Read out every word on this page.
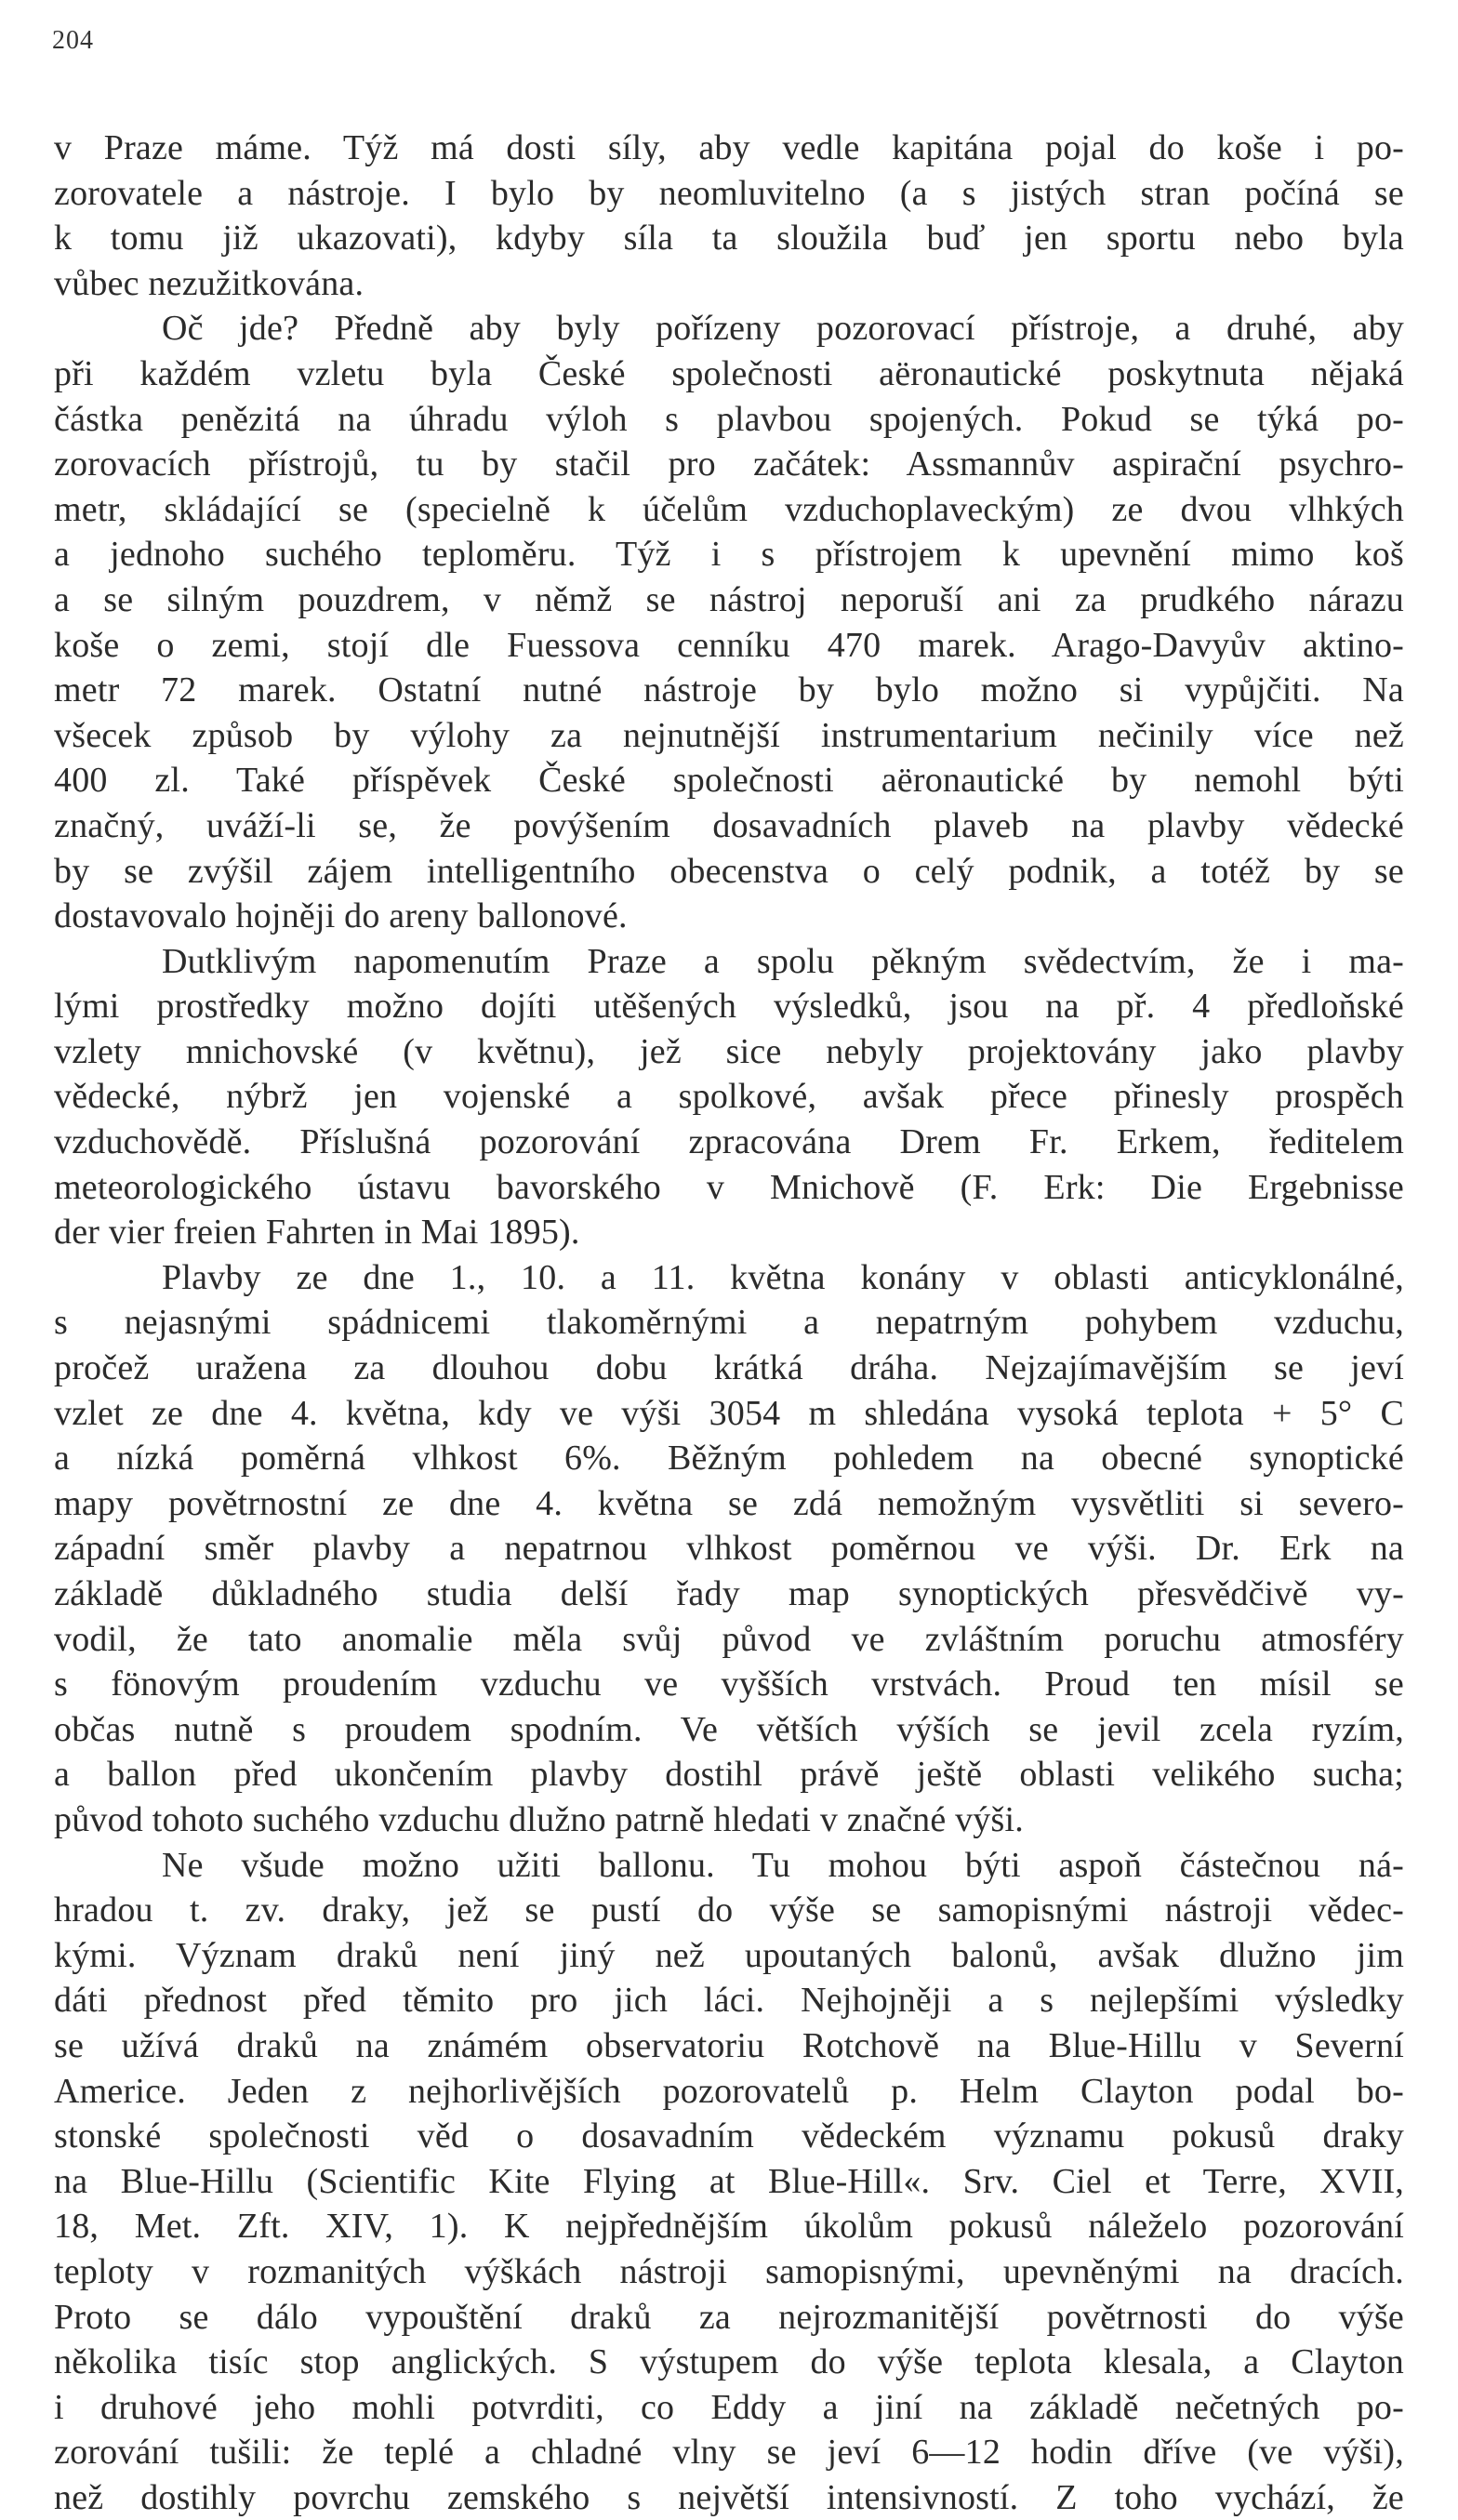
204
v Praze máme. Týž má dosti síly, aby vedle kapitána pojal do koše i po-
zorovatele a nástroje. I bylo by neomluvitelno (a s jistých stran počíná se
k tomu již ukazovati), kdyby síla ta sloužila buď jen sportu nebo byla
vůbec nezužitkována.
Oč jde? Předně aby byly pořízeny pozorovací přístroje, a druhé, aby
při každém vzletu byla České společnosti aëronautické poskytnuta nějaká
částka penězitá na úhradu výloh s plavbou spojených. Pokud se týká po-
zorovacích přístrojů, tu by stačil pro začátek: Assmannův aspirační psychro-
metr, skládající se (specielně k účelům vzduchoplaveckým) ze dvou vlhkých
a jednoho suchého teploměru. Týž i s přístrojem k upevnění mimo koš
a se silným pouzdrem, v němž se nástroj neporuší ani za prudkého nárazu
koše o zemi, stojí dle Fuessova cenníku 470 marek. Arago-Davyův aktino-
metr 72 marek. Ostatní nutné nástroje by bylo možno si vypůjčiti. Na
všecek způsob by výlohy za nejnutnější instrumentarium nečinily více než
400 zl. Také příspěvek České společnosti aëronautické by nemohl býti
značný, uváží-li se, že povýšením dosavadních plaveb na plavby vědecké
by se zvýšil zájem intelligentního obecenstva o celý podnik, a totéž by se
dostavovalo hojněji do areny ballonové.
Dutklivým napomenutím Praze a spolu pěkným svědectvím, že i ma-
lými prostředky možno dojíti utěšených výsledků, jsou na př. 4 předloňské
vzlety mnichovské (v květnu), jež sice nebyly projektovány jako plavby
vědecké, nýbrž jen vojenské a spolkové, avšak přece přinesly prospěch
vzduchovědě. Příslušná pozorování zpracována Drem Fr. Erkem, ředitelem
meteorologického ústavu bavorského v Mnichově (F. Erk: Die Ergebnisse
der vier freien Fahrten in Mai 1895).
Plavby ze dne 1., 10. a 11. května konány v oblasti anticyklonálné,
s nejasnými spádnicemi tlakoměrnými a nepatrným pohybem vzduchu,
pročež uražena za dlouhou dobu krátká dráha. Nejzajímavějším se jeví
vzlet ze dne 4. května, kdy ve výši 3054 m shledána vysoká teplota + 5° C
a nízká poměrná vlhkost 6%. Běžným pohledem na obecné synoptické
mapy povětrnostní ze dne 4. května se zdá nemožným vysvětliti si severo-
západní směr plavby a nepatrnou vlhkost poměrnou ve výši. Dr. Erk na
základě důkladného studia delší řady map synoptických přesvědčivě vy-
vodil, že tato anomalie měla svůj původ ve zvláštním poruchu atmosféry
s fönovým proudením vzduchu ve vyšších vrstvách. Proud ten mísil se
občas nutně s proudem spodním. Ve větších výších se jevil zcela ryzím,
a ballon před ukončením plavby dostihl právě ještě oblasti velikého sucha;
původ tohoto suchého vzduchu dlužno patrně hledati v značné výši.
Ne všude možno užiti ballonu. Tu mohou býti aspoň částečnou ná-
hradou t. zv. draky, jež se pustí do výše se samopisnými nástroji vědec-
kými. Význam draků není jiný než upoutaných balonů, avšak dlužno jim
dáti přednost před těmito pro jich láci. Nejhojněji a s nejlepšími výsledky
se užívá draků na známém observatoriu Rotchově na Blue-Hillu v Severní
Americe. Jeden z nejhorlivějších pozorovatelů p. Helm Clayton podal bo-
stonské společnosti věd o dosavadním vědeckém významu pokusů draky
na Blue-Hillu (Scientific Kite Flying at Blue-Hill«. Srv. Ciel et Terre, XVII,
18, Met. Zft. XIV, 1). K nejpřednějším úkolům pokusů náleželo pozorování
teploty v rozmanitých výškách nástroji samopisnými, upevněnými na dracích.
Proto se dálo vypouštění draků za nejrozmanitější povětrnosti do výše
několika tisíc stop anglických. S výstupem do výše teplota klesala, a Clayton
i druhové jeho mohli potvrditi, co Eddy a jiní na základě nečetných po-
zorování tušili: že teplé a chladné vlny se jeví 6—12 hodin dříve (ve výši),
než dostihly povrchu zemského s největší intensivností. Z toho vychází, že
